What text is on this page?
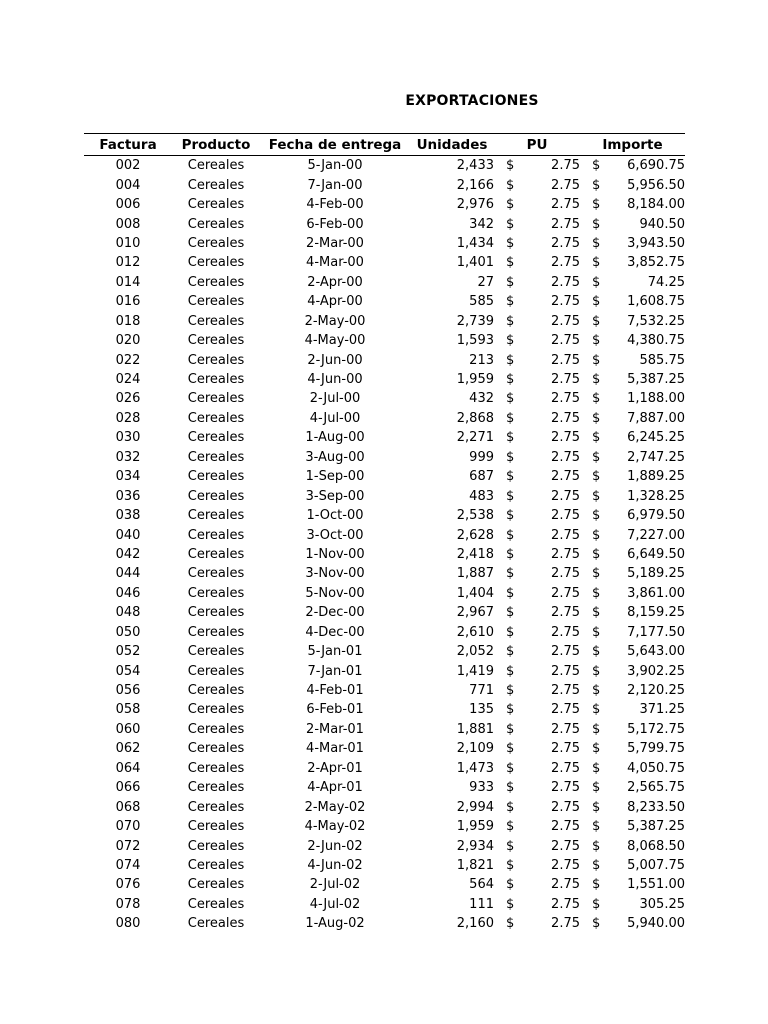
EXPORTACIONES
Factura	Producto	Fecha de entrega	Unidades	PU	Importe
002	Cereales	5-Jan-00	2,433 $	2.75 $	6,690.75
004	Cereales	7-Jan-00	2,166 $	2.75 $	5,956.50
006	Cereales	4-Feb-00	2,976 $	2.75 $	8,184.00
008	Cereales	6-Feb-00	342 $	2.75 $	940.50
010	Cereales	2-Mar-00	1,434 $	2.75 $	3,943.50
012	Cereales	4-Mar-00	1,401 $	2.75 $	3,852.75
014	Cereales	2-Apr-00	27 $	2.75 $	74.25
016	Cereales	4-Apr-00	585 $	2.75 $	1,608.75
018	Cereales	2-May-00	2,739 $	2.75 $	7,532.25
020	Cereales	4-May-00	1,593 $	2.75 $	4,380.75
022	Cereales	2-Jun-00	213 $	2.75 $	585.75
024	Cereales	4-Jun-00	1,959 $	2.75 $	5,387.25
026	Cereales	2-Jul-00	432 $	2.75 $	1,188.00
028	Cereales	4-Jul-00	2,868 $	2.75 $	7,887.00
030	Cereales	1-Aug-00	2,271 $	2.75 $	6,245.25
032	Cereales	3-Aug-00	999 $	2.75 $	2,747.25
034	Cereales	1-Sep-00	687 $	2.75 $	1,889.25
036	Cereales	3-Sep-00	483 $	2.75 $	1,328.25
038	Cereales	1-Oct-00	2,538 $	2.75 $	6,979.50
040	Cereales	3-Oct-00	2,628 $	2.75 $	7,227.00
042	Cereales	1-Nov-00	2,418 $	2.75 $	6,649.50
044	Cereales	3-Nov-00	1,887 $	2.75 $	5,189.25
046	Cereales	5-Nov-00	1,404 $	2.75 $	3,861.00
048	Cereales	2-Dec-00	2,967 $	2.75 $	8,159.25
050	Cereales	4-Dec-00	2,610 $	2.75 $	7,177.50
052	Cereales	5-Jan-01	2,052 $	2.75 $	5,643.00
054	Cereales	7-Jan-01	1,419 $	2.75 $	3,902.25
056	Cereales	4-Feb-01	771 $	2.75 $	2,120.25
058	Cereales	6-Feb-01	135 $	2.75 $	371.25
060	Cereales	2-Mar-01	1,881 $	2.75 $	5,172.75
062	Cereales	4-Mar-01	2,109 $	2.75 $	5,799.75
064	Cereales	2-Apr-01	1,473 $	2.75 $	4,050.75
066	Cereales	4-Apr-01	933 $	2.75 $	2,565.75
068	Cereales	2-May-02	2,994 $	2.75 $	8,233.50
070	Cereales	4-May-02	1,959 $	2.75 $	5,387.25
072	Cereales	2-Jun-02	2,934 $	2.75 $	8,068.50
074	Cereales	4-Jun-02	1,821 $	2.75 $	5,007.75
076	Cereales	2-Jul-02	564 $	2.75 $	1,551.00
078	Cereales	4-Jul-02	111 $	2.75 $	305.25
080	Cereales	1-Aug-02	2,160 $	2.75 $	5,940.00
